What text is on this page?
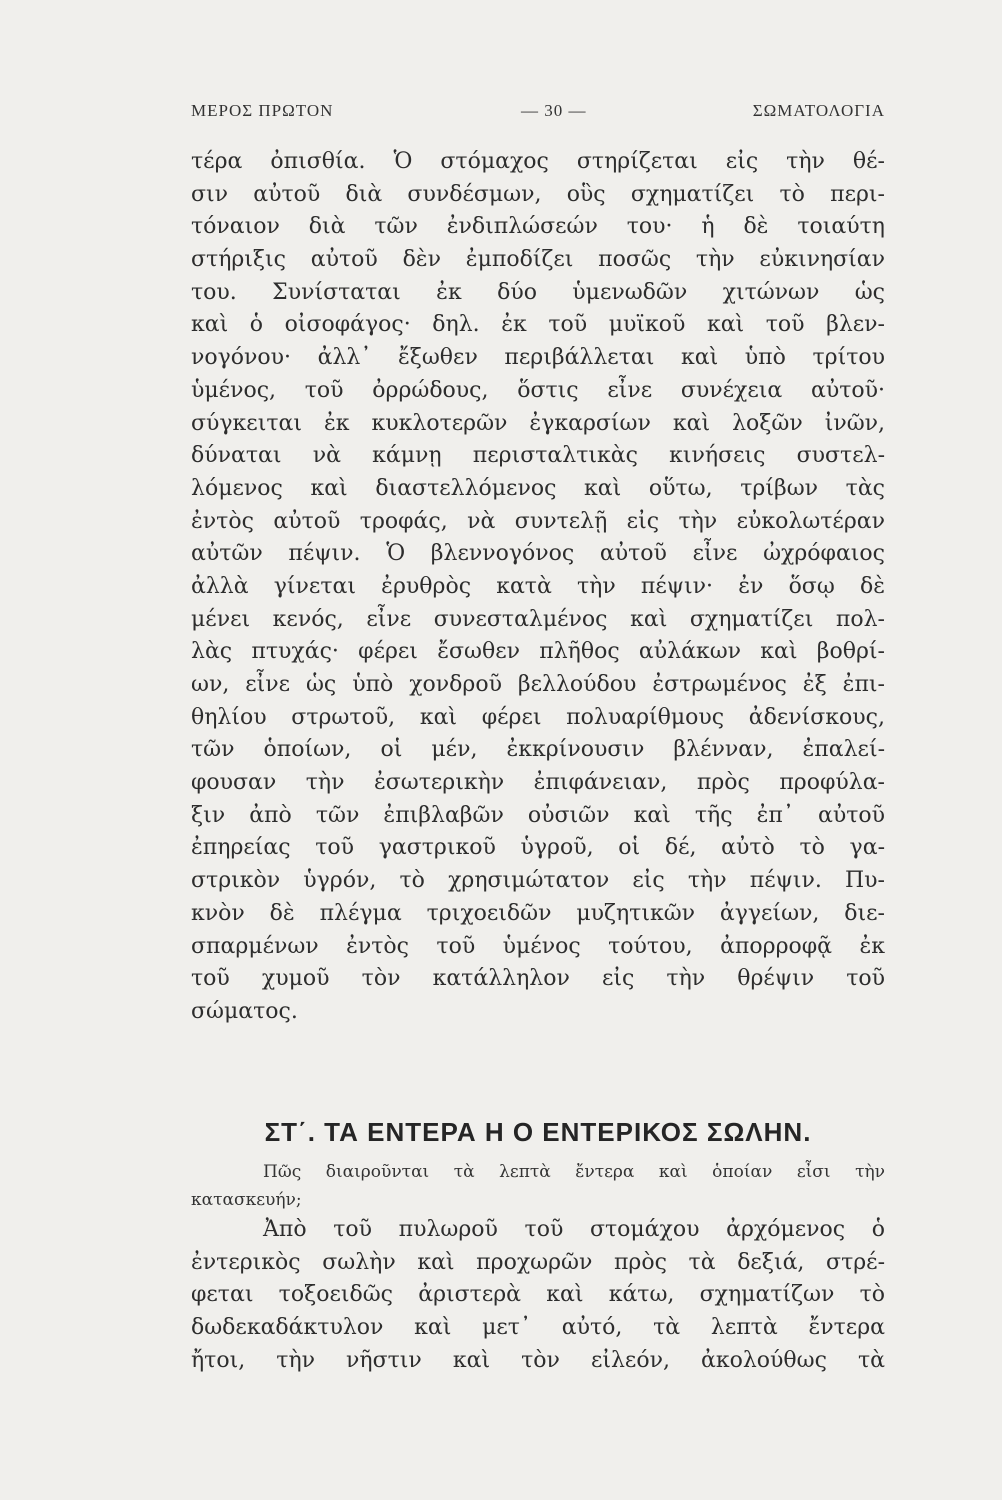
ΜΕΡΟΣ ΠΡΩΤΟΝ	— 30 —	ΣΩΜΑΤΟΛΟΓΙΑ
τέρα ὀπισθία. Ὁ στόμαχος στηρίζεται εἰς τὴν θέ-
σιν αὐτοῦ διὰ συνδέσμων, οὓς σχηματίζει τὸ περι-
τόναιον διὰ τῶν ἐνδιπλώσεών του· ἡ δὲ τοιαύτη
στήριξις αὐτοῦ δὲν ἐμποδίζει ποσῶς τὴν εὐκινησίαν
του. Συνίσταται ἐκ δύο ὑμενωδῶν χιτώνων ὡς
καὶ ὁ οἰσοφάγος· δηλ. ἐκ τοῦ μυϊκοῦ καὶ τοῦ βλεν-
νογόνου· ἀλλ᾿ ἔξωθεν περιβάλλεται καὶ ὑπὸ τρίτου
ὑμένος, τοῦ ὀρρώδους, ὅστις εἶνε συνέχεια αὐτοῦ·
σύγκειται ἐκ κυκλοτερῶν ἐγκαρσίων καὶ λοξῶν ἰνῶν,
δύναται νὰ κάμνῃ περισταλτικὰς κινήσεις συστελ-
λόμενος καὶ διαστελλόμενος καὶ οὕτω, τρίβων τὰς
ἐντὸς αὐτοῦ τροφάς, νὰ συντελῇ εἰς τὴν εὐκολωτέραν
αὐτῶν πέψιν. Ὁ βλεννογόνος αὐτοῦ εἶνε ὠχρόφαιος
ἀλλὰ γίνεται ἐρυθρὸς κατὰ τὴν πέψιν· ἐν ὅσῳ δὲ
μένει κενός, εἶνε συνεσταλμένος καὶ σχηματίζει πολ-
λὰς πτυχάς· φέρει ἔσωθεν πλῆθος αὐλάκων καὶ βοθρί-
ων, εἶνε ὡς ὑπὸ χονδροῦ βελλούδου ἐστρωμένος ἐξ ἐπι-
θηλίου στρωτοῦ, καὶ φέρει πολυαρίθμους ἀδενίσκους,
τῶν ὁποίων, οἱ μέν, ἐκκρίνουσιν βλένναν, ἐπαλεί-
φουσαν τὴν ἐσωτερικὴν ἐπιφάνειαν, πρὸς προφύλα-
ξιν ἀπὸ τῶν ἐπιβλαβῶν οὐσιῶν καὶ τῆς ἐπ᾿ αὐτοῦ
ἐπηρείας τοῦ γαστρικοῦ ὑγροῦ, οἱ δέ, αὐτὸ τὸ γα-
στρικὸν ὑγρόν, τὸ χρησιμώτατον εἰς τὴν πέψιν. Πυ-
κνὸν δὲ πλέγμα τριχοειδῶν μυζητικῶν ἀγγείων, διε-
σπαρμένων ἐντὸς τοῦ ὑμένος τούτου, ἀπορροφᾷ ἐκ
τοῦ χυμοῦ τὸν κατάλληλον εἰς τὴν θρέψιν τοῦ
σώματος.
ΣΤ΄. ΤΑ ΕΝΤΕΡΑ Η Ο ΕΝΤΕΡΙΚΟΣ ΣΩΛΗΝ.
Πῶς διαιροῦνται τὰ λεπτὰ ἔντερα καὶ ὁποίαν εἶσι τὴν
κατασκευήν;
Ἀπὸ τοῦ πυλωροῦ τοῦ στομάχου ἀρχόμενος ὁ
ἐντερικὸς σωλὴν καὶ προχωρῶν πρὸς τὰ δεξιά, στρέ-
φεται τοξοειδῶς ἀριστερὰ καὶ κάτω, σχηματίζων τὸ
δωδεκαδάκτυλον καὶ μετ᾿ αὐτό, τὰ λεπτὰ ἔντερα
ἤτοι, τὴν νῆστιν καὶ τὸν εἰλεόν, ἀκολούθως τὰ
